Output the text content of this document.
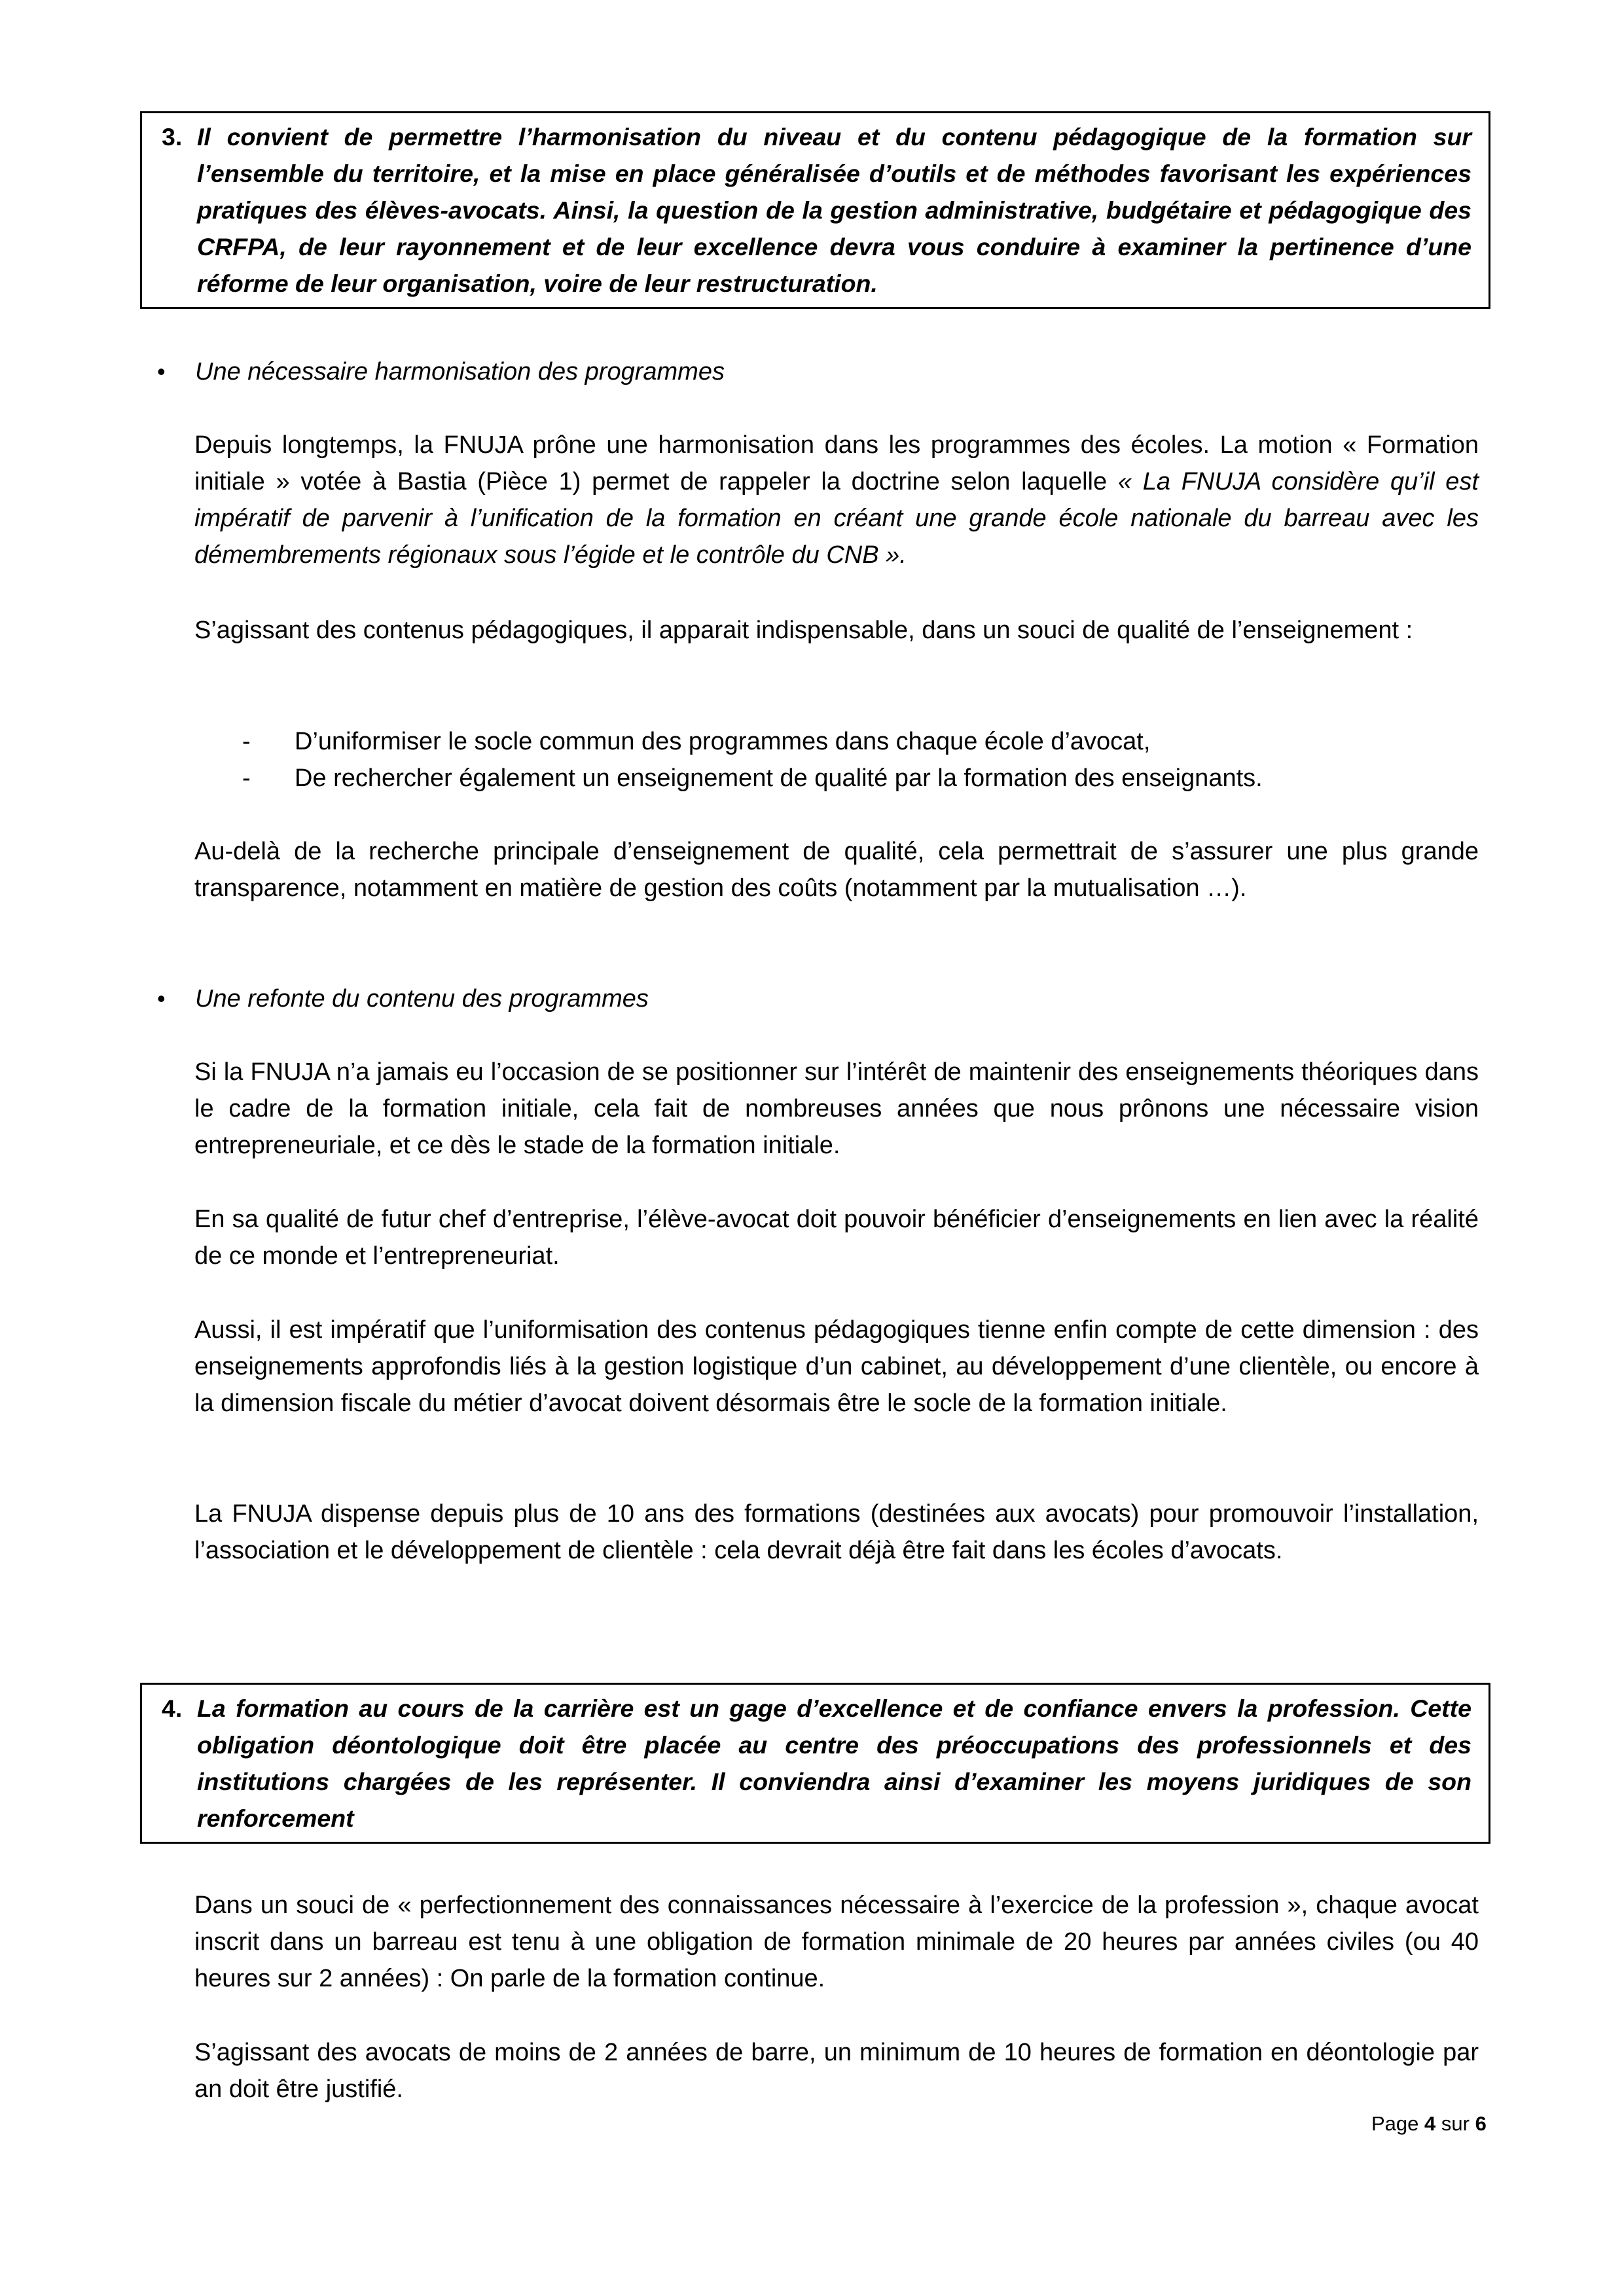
3. Il convient de permettre l’harmonisation du niveau et du contenu pédagogique de la formation sur l’ensemble du territoire, et la mise en place généralisée d’outils et de méthodes favorisant les expériences pratiques des élèves-avocats. Ainsi, la question de la gestion administrative, budgétaire et pédagogique des CRFPA, de leur rayonnement et de leur excellence devra vous conduire à examiner la pertinence d’une réforme de leur organisation, voire de leur restructuration.

•	Une nécessaire harmonisation des programmes

Depuis longtemps, la FNUJA prône une harmonisation dans les programmes des écoles. La motion « Formation initiale » votée à Bastia (Pièce 1) permet de rappeler la doctrine selon laquelle « La FNUJA considère qu’il est impératif de parvenir à l’unification de la formation en créant une grande école nationale du barreau avec les démembrements régionaux sous l’égide et le contrôle du CNB ».

S’agissant des contenus pédagogiques, il apparait indispensable, dans un souci de qualité de l’enseignement :

-	D’uniformiser le socle commun des programmes dans chaque école d’avocat,
-	De rechercher également un enseignement de qualité par la formation des enseignants.

Au-delà de la recherche principale d’enseignement de qualité, cela permettrait de s’assurer une plus grande transparence, notamment en matière de gestion des coûts (notamment par la mutualisation …).

•	Une refonte du contenu des programmes

Si la FNUJA n’a jamais eu l’occasion de se positionner sur l’intérêt de maintenir des enseignements théoriques dans le cadre de la formation initiale, cela fait de nombreuses années que nous prônons une nécessaire vision entrepreneuriale, et ce dès le stade de la formation initiale.

En sa qualité de futur chef d’entreprise, l’élève-avocat doit pouvoir bénéficier d’enseignements en lien avec la réalité de ce monde et l’entrepreneuriat.

Aussi, il est impératif que l’uniformisation des contenus pédagogiques tienne enfin compte de cette dimension : des enseignements approfondis liés à la gestion logistique d’un cabinet, au développement d’une clientèle, ou encore à la dimension fiscale du métier d’avocat doivent désormais être le socle de la formation initiale.

La FNUJA dispense depuis plus de 10 ans des formations (destinées aux avocats) pour promouvoir l’installation, l’association et le développement de clientèle : cela devrait déjà être fait dans les écoles d’avocats.

4. La formation au cours de la carrière est un gage d’excellence et de confiance envers la profession. Cette obligation déontologique doit être placée au centre des préoccupations des professionnels et des institutions chargées de les représenter. Il conviendra ainsi d’examiner les moyens juridiques de son renforcement

Dans un souci de « perfectionnement des connaissances nécessaire à l’exercice de la profession », chaque avocat inscrit dans un barreau est tenu à une obligation de formation minimale de 20 heures par années civiles (ou 40 heures sur 2 années) : On parle de la formation continue.

S’agissant des avocats de moins de 2 années de barre, un minimum de 10 heures de formation en déontologie par an doit être justifié.

Page 4 sur 6
